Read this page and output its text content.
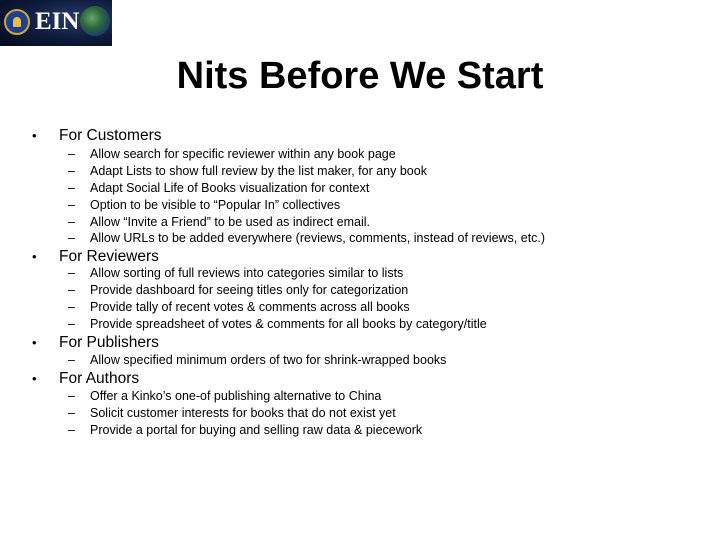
EIN
Nits Before We Start
•	For Customers
– Allow search for specific reviewer within any book page
– Adapt Lists to show full review by the list maker, for any book
– Adapt Social Life of Books visualization for context
– Option to be visible to “Popular In” collectives
– Allow “Invite a Friend” to be used as indirect email.
– Allow URLs to be added everywhere (reviews, comments, instead of reviews, etc.)
•	For Reviewers
– Allow sorting of full reviews into categories similar to lists
– Provide dashboard for seeing titles only for categorization
– Provide tally of recent votes & comments across all books
– Provide spreadsheet of votes & comments for all books by category/title
•	For Publishers
– Allow specified minimum orders of two for shrink-wrapped books
•	For Authors
– Offer a Kinko’s one-of publishing alternative to China
– Solicit customer interests for books that do not exist yet
– Provide a portal for buying and selling raw data & piecework
